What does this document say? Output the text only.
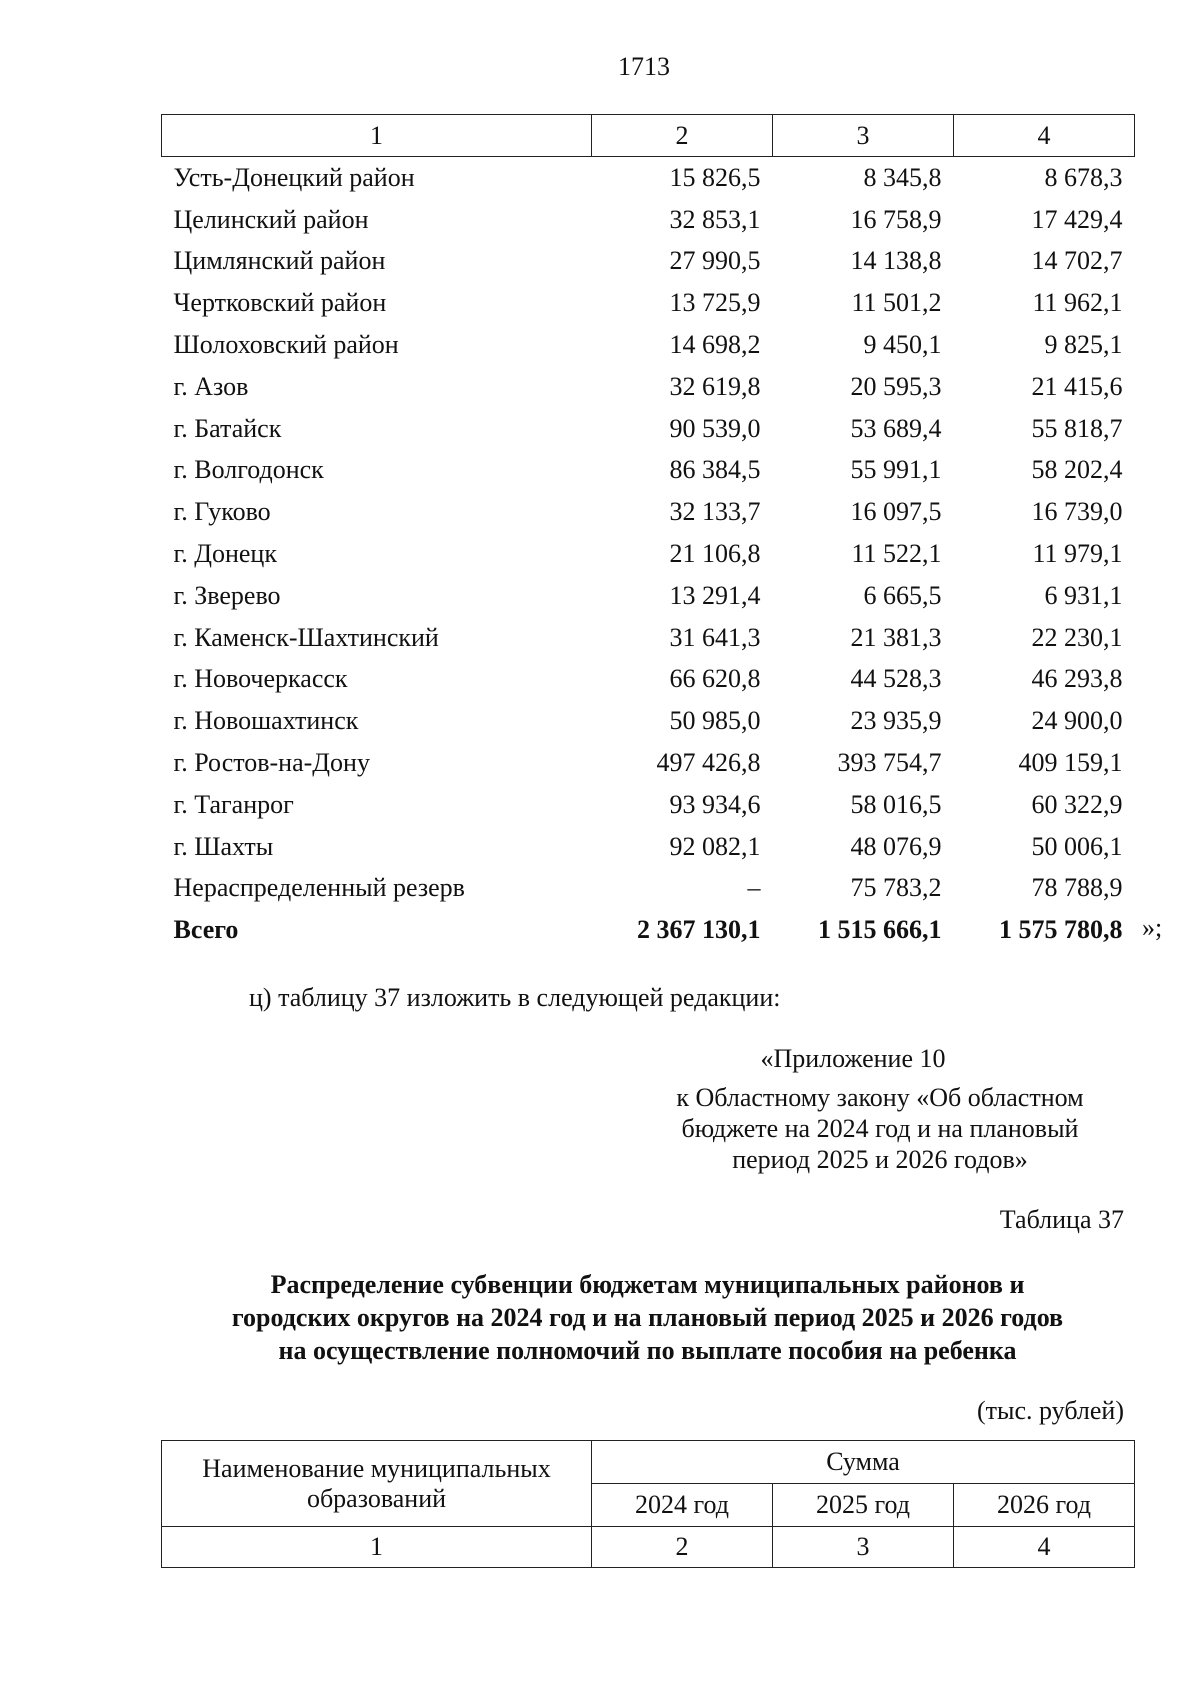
1713
1	2	3	4
Усть-Донецкий район	15 826,5	8 345,8	8 678,3
Целинский район	32 853,1	16 758,9	17 429,4
Цимлянский район	27 990,5	14 138,8	14 702,7
Чертковский район	13 725,9	11 501,2	11 962,1
Шолоховский район	14 698,2	9 450,1	9 825,1
г. Азов	32 619,8	20 595,3	21 415,6
г. Батайск	90 539,0	53 689,4	55 818,7
г. Волгодонск	86 384,5	55 991,1	58 202,4
г. Гуково	32 133,7	16 097,5	16 739,0
г. Донецк	21 106,8	11 522,1	11 979,1
г. Зверево	13 291,4	6 665,5	6 931,1
г. Каменск-Шахтинский	31 641,3	21 381,3	22 230,1
г. Новочеркасск	66 620,8	44 528,3	46 293,8
г. Новошахтинск	50 985,0	23 935,9	24 900,0
г. Ростов-на-Дону	497 426,8	393 754,7	409 159,1
г. Таганрог	93 934,6	58 016,5	60 322,9
г. Шахты	92 082,1	48 076,9	50 006,1
Нераспределенный резерв	–	75 783,2	78 788,9
Всего	2 367 130,1	1 515 666,1	1 575 780,8 »;
ц) таблицу 37 изложить в следующей редакции:
«Приложение 10
к Областному закону «Об областном
бюджете на 2024 год и на плановый
период 2025 и 2026 годов»
Таблица 37
Распределение субвенции бюджетам муниципальных районов и
городских округов на 2024 год и на плановый период 2025 и 2026 годов
на осуществление полномочий по выплате пособия на ребенка
(тыс. рублей)
Наименование муниципальных образований	Сумма		
	2024 год	2025 год	2026 год
1	2	3	4
